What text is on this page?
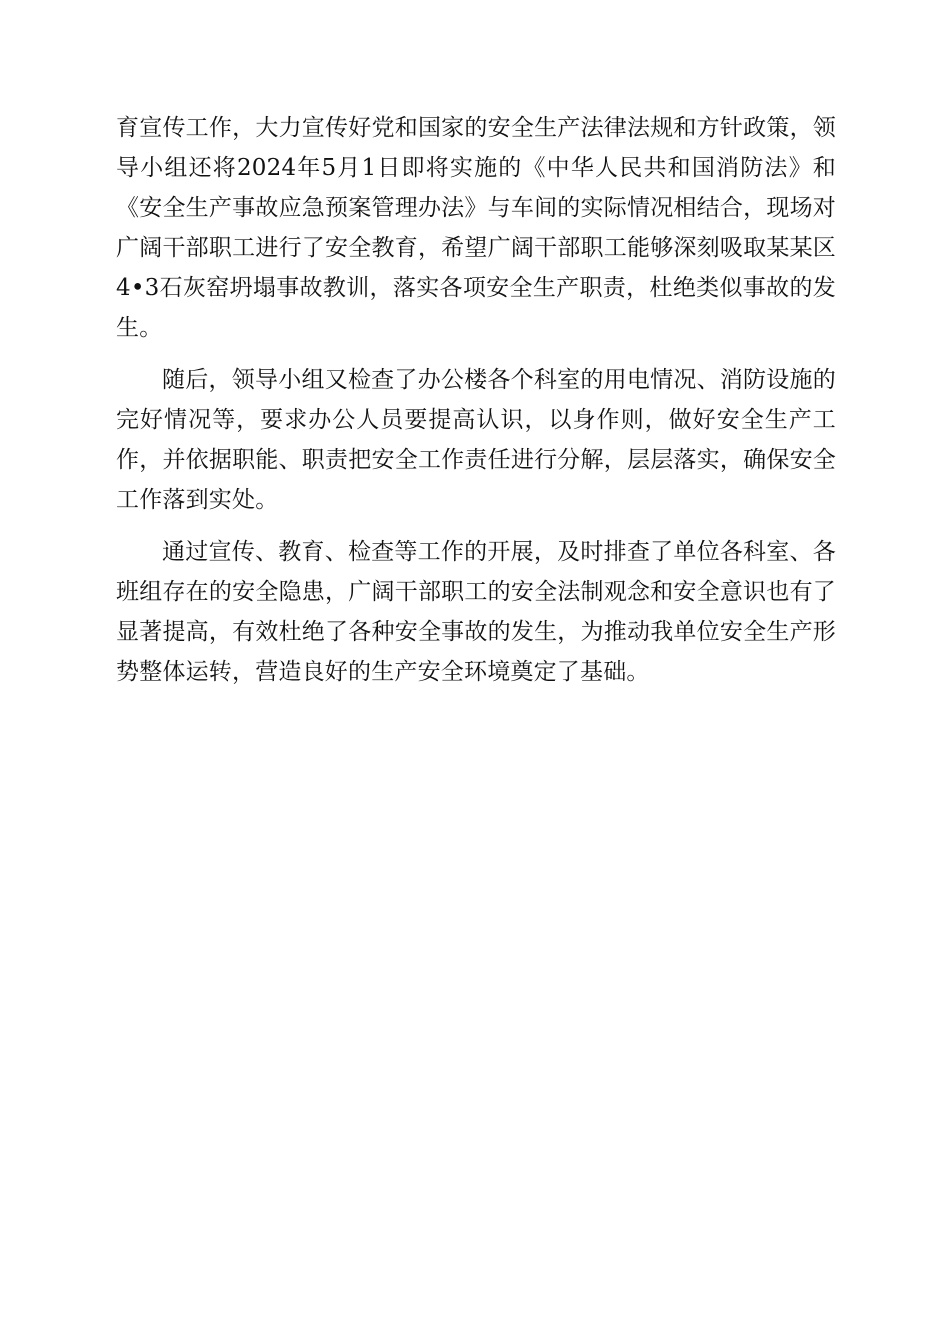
育宣传工作，大力宣传好党和国家的安全生产法律法规和方针政策，领导小组还将2024年5月1日即将实施的《中华人民共和国消防法》和《安全生产事故应急预案管理办法》与车间的实际情况相结合，现场对广阔干部职工进行了安全教育，希望广阔干部职工能够深刻吸取某某区4•3石灰窑坍塌事故教训，落实各项安全生产职责，杜绝类似事故的发生。

随后，领导小组又检查了办公楼各个科室的用电情况、消防设施的完好情况等，要求办公人员要提高认识，以身作则，做好安全生产工作，并依据职能、职责把安全工作责任进行分解，层层落实，确保安全工作落到实处。

通过宣传、教育、检查等工作的开展，及时排查了单位各科室、各班组存在的安全隐患，广阔干部职工的安全法制观念和安全意识也有了显著提高，有效杜绝了各种安全事故的发生，为推动我单位安全生产形势整体运转，营造良好的生产安全环境奠定了基础。
